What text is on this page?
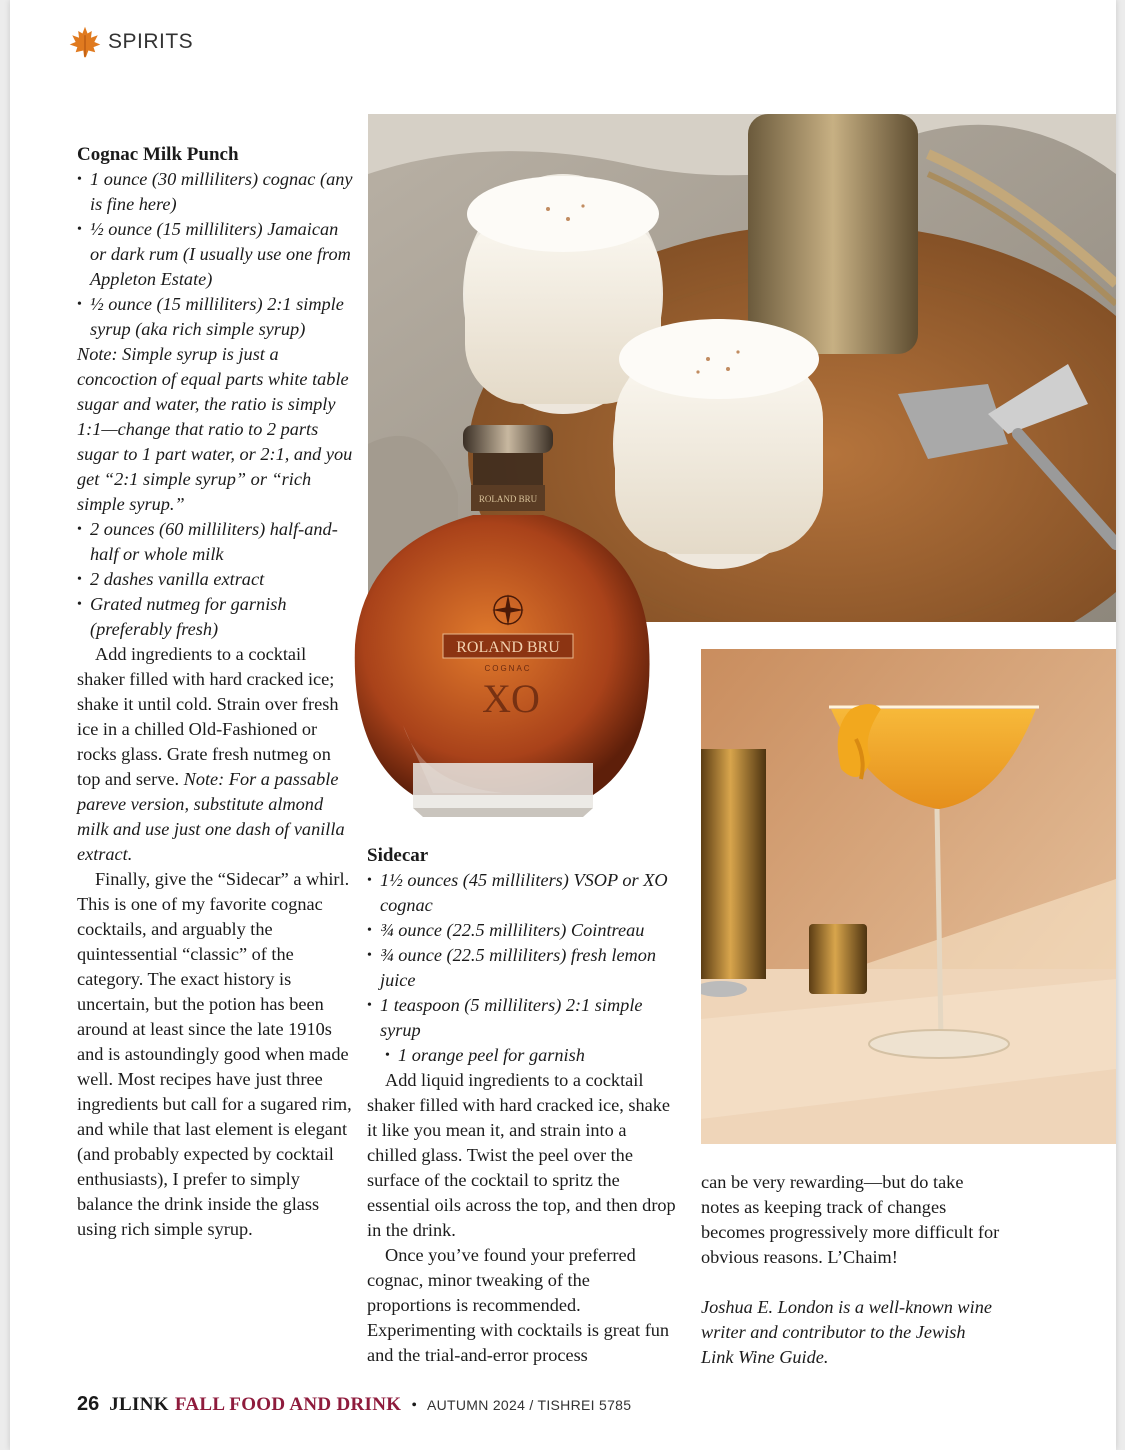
SPIRITS
ROLAND BRU
ROLAND BRU
COGNAC
XO
Cognac Milk Punch
• 1 ounce (30 milliliters) cognac (any is fine here)
• ½ ounce (15 milliliters) Jamaican or dark rum (I usually use one from Appleton Estate)
• ½ ounce (15 milliliters) 2:1 simple syrup (aka rich simple syrup)

Note: Simple syrup is just a concoction of equal parts white table sugar and water, the ratio is simply 1:1—change that ratio to 2 parts sugar to 1 part water, or 2:1, and you get “2:1 simple syrup” or “rich simple syrup.”

• 2 ounces (60 milliliters) half-and-half or whole milk
• 2 dashes vanilla extract
• Grated nutmeg for garnish (preferably fresh)

Add ingredients to a cocktail shaker filled with hard cracked ice; shake it until cold. Strain over fresh ice in a chilled Old-Fashioned or rocks glass. Grate fresh nutmeg on top and serve. Note: For a passable pareve version, substitute almond milk and use just one dash of vanilla extract.

Finally, give the “Sidecar” a whirl. This is one of my favorite cognac cocktails, and arguably the quintessential “classic” of the category. The exact history is uncertain, but the potion has been around at least since the late 1910s and is astoundingly good when made well. Most recipes have just three ingredients but call for a sugared rim, and while that last element is elegant (and probably expected by cocktail enthusiasts), I prefer to simply balance the drink inside the glass using rich simple syrup.

Sidecar
• 1½ ounces (45 milliliters) VSOP or XO cognac
• ¾ ounce (22.5 milliliters) Cointreau
• ¾ ounce (22.5 milliliters) fresh lemon juice
• 1 teaspoon (5 milliliters) 2:1 simple syrup
• 1 orange peel for garnish

Add liquid ingredients to a cocktail shaker filled with hard cracked ice, shake it like you mean it, and strain into a chilled glass. Twist the peel over the surface of the cocktail to spritz the essential oils across the top, and then drop in the drink.

Once you’ve found your preferred cognac, minor tweaking of the proportions is recommended. Experimenting with cocktails is great fun and the trial-and-error process

can be very rewarding—but do take notes as keeping track of changes becomes progressively more difficult for obvious reasons. L’Chaim!

Joshua E. London is a well-known wine writer and contributor to the Jewish Link Wine Guide.

26 JLINK FALL FOOD AND DRINK • AUTUMN 2024 / TISHREI 5785
